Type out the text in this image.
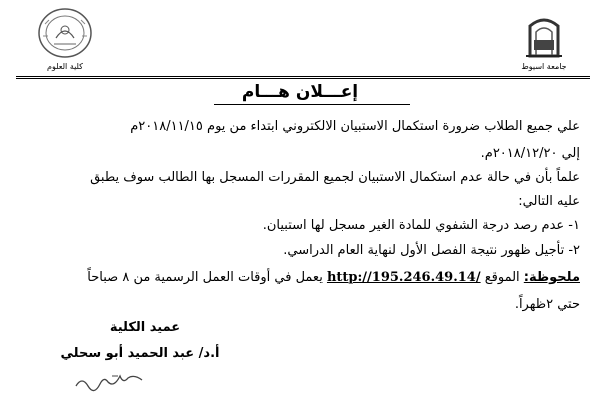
كلية العلوم	جامعة اسيوط
إعـــلان هـــام
علي جميع الطلاب ضرورة استكمال الاستبيان الالكتروني ابتداء من يوم ٢٠١٨/١١/١٥م
إلي ٢٠١٨/١٢/٢٠م.
علماً بأن في حالة عدم استكمال الاستبيان لجميع المقررات المسجل بها الطالب سوف يطبق
عليه التالي:
١- عدم رصد درجة الشفوي للمادة الغير مسجل لها استبيان.
٢- تأجيل ظهور نتيجة الفصل الأول لنهاية العام الدراسي.
ملحوظة: الموقع http://195.246.49.14/ يعمل في أوقات العمل الرسمية من ٨ صباحاً
حتي ٢ظهراً.
عميد الكلية
أ.د/ عبد الحميد أبو سحلي
